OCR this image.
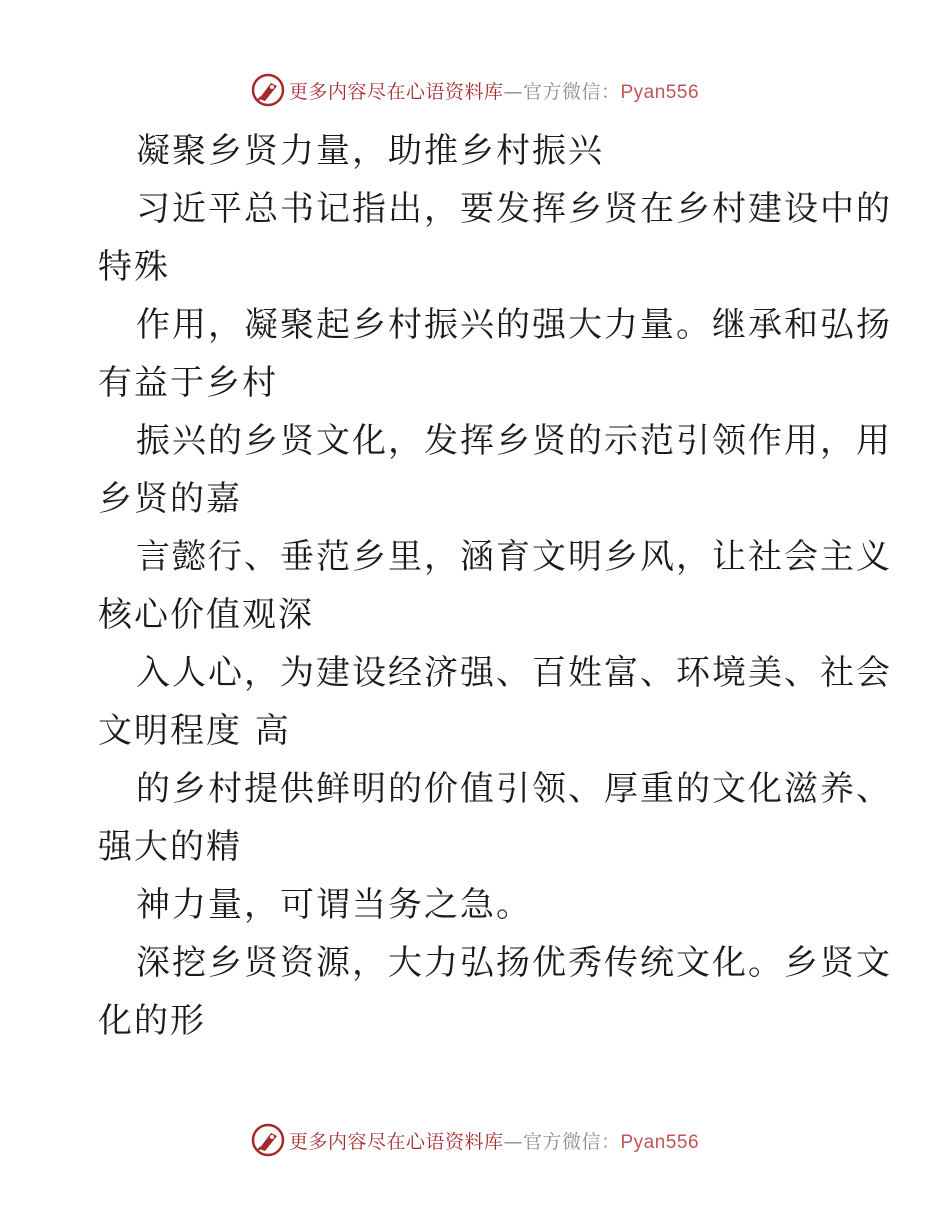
更多内容尽在心语资料库—官方微信：Pyan556
凝聚乡贤力量，助推乡村振兴
习近平总书记指出，要发挥乡贤在乡村建设中的
特殊
作用，凝聚起乡村振兴的强大力量。继承和弘扬
有益于乡村
振兴的乡贤文化，发挥乡贤的示范引领作用，用
乡贤的嘉
言懿行、垂范乡里，涵育文明乡风，让社会主义
核心价值观深
入人心，为建设经济强、百姓富、环境美、社会
文明程度 高
的乡村提供鲜明的价值引领、厚重的文化滋养、
强大的精
神力量，可谓当务之急。
深挖乡贤资源，大力弘扬优秀传统文化。乡贤文
化的形
更多内容尽在心语资料库—官方微信：Pyan556
